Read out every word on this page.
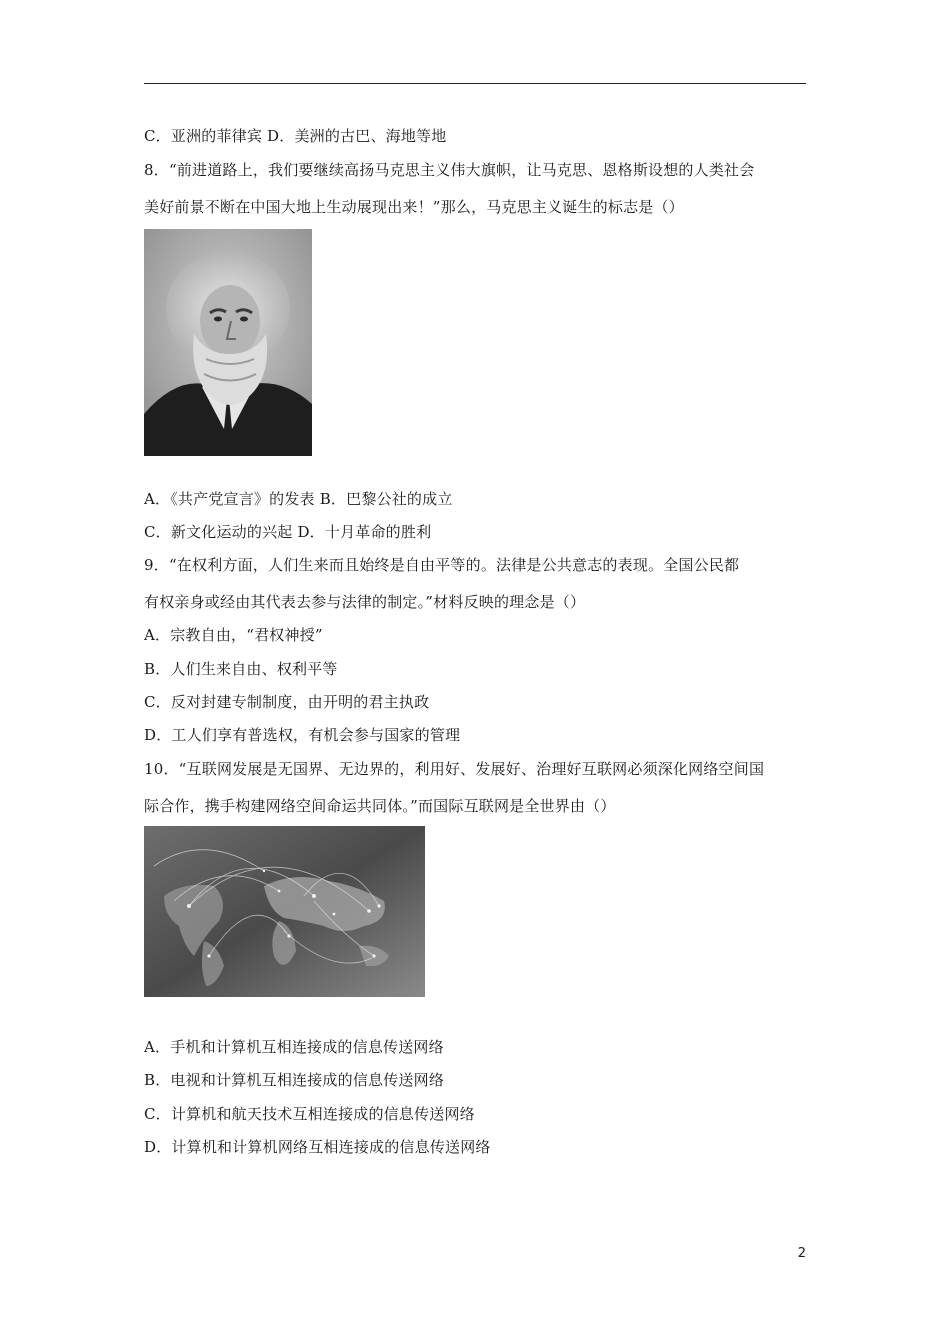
C．亚洲的菲律宾 D．美洲的古巴、海地等地
8．“前进道路上，我们要继续高扬马克思主义伟大旗帜，让马克思、恩格斯设想的人类社会
美好前景不断在中国大地上生动展现出来！”那么，马克思主义诞生的标志是（）
A．《共产党宣言》的发表 B．巴黎公社的成立
C．新文化运动的兴起 D．十月革命的胜利
9．“在权利方面，人们生来而且始终是自由平等的。法律是公共意志的表现。全国公民都
有权亲身或经由其代表去参与法律的制定。”材料反映的理念是（）
A．宗教自由，“君权神授”
B．人们生来自由、权利平等
C．反对封建专制制度，由开明的君主执政
D．工人们享有普选权，有机会参与国家的管理
10．“互联网发展是无国界、无边界的，利用好、发展好、治理好互联网必须深化网络空间国
际合作，携手构建网络空间命运共同体。”而国际互联网是全世界由（）
A．手机和计算机互相连接成的信息传送网络
B．电视和计算机互相连接成的信息传送网络
C．计算机和航天技术互相连接成的信息传送网络
D．计算机和计算机网络互相连接成的信息传送网络
2
